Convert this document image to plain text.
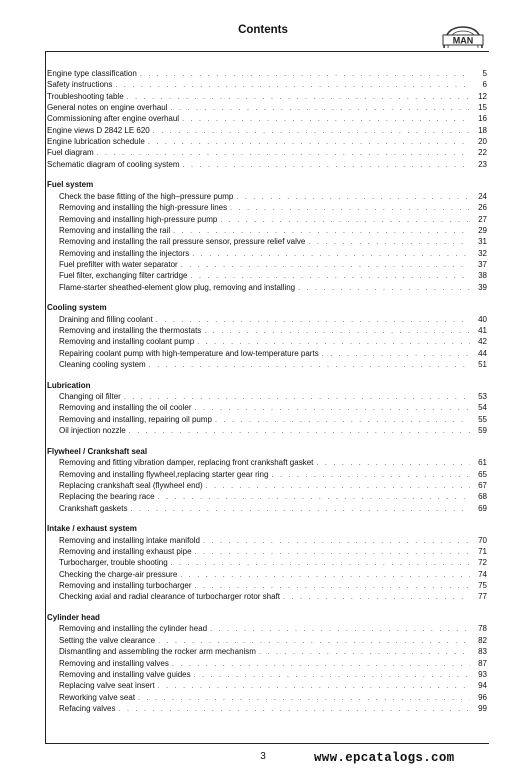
Contents
MAN
Engine type classification . . .	5
Safety instructions . . .	6
Troubleshooting table . . .	12
General notes on engine overhaul . . .	15
Commissioning after engine overhaul . . .	16
Engine views D 2842 LE 620 . . .	18
Engine lubrication schedule . . .	20
Fuel diagram . . .	22
Schematic diagram of cooling system . . .	23
Fuel system
Check the base fitting of the high–pressure pump . . .	24
Removing and installing the high-pressure lines . . .	26
Removing and installing high-pressure pump . . .	27
Removing and installing the rail . . .	29
Removing and installing the rail pressure sensor, pressure relief valve . . .	31
Removing and installing the injectors . . .	32
Fuel prefilter with water separator . . .	37
Fuel filter, exchanging filter cartridge . . .	38
Flame-starter sheathed-element glow plug, removing and installing . . .	39
Cooling system
Draining and filling coolant . . .	40
Removing and installing the thermostats . . .	41
Removing and installing coolant pump . . .	42
Repairing coolant pump with high-temperature and low-temperature parts . . .	44
Cleaning cooling system . . .	51
Lubrication
Changing oil filter . . .	53
Removing and installing the oil cooler . . .	54
Removing and installing, repairing oil pump . . .	55
Oil injection nozzle . . .	59
Flywheel / Crankshaft seal
Removing and fitting vibration damper, replacing front crankshaft gasket . . .	61
Removing and installing flywheel,replacing starter gear ring . . .	65
Replacing crankshaft seal (flywheel end) . . .	67
Replacing the bearing race . . .	68
Crankshaft gaskets . . .	69
Intake / exhaust system
Removing and installing intake manifold . . .	70
Removing and installing exhaust pipe . . .	71
Turbocharger, trouble shooting . . .	72
Checking the charge-air pressure . . .	74
Removing and installing turbocharger . . .	75
Checking axial and radial clearance of turbocharger rotor shaft . . .	77
Cylinder head
Removing and installing the cylinder head . . .	78
Setting the valve clearance . . .	82
Dismantling and assembling the rocker arm mechanism . . .	83
Removing and installing valves . . .	87
Removing and installing valve guides . . .	93
Replacing valve seat insert . . .	94
Reworking valve seat . . .	96
Refacing valves . . .	99
3	www.epcatalogs.com
